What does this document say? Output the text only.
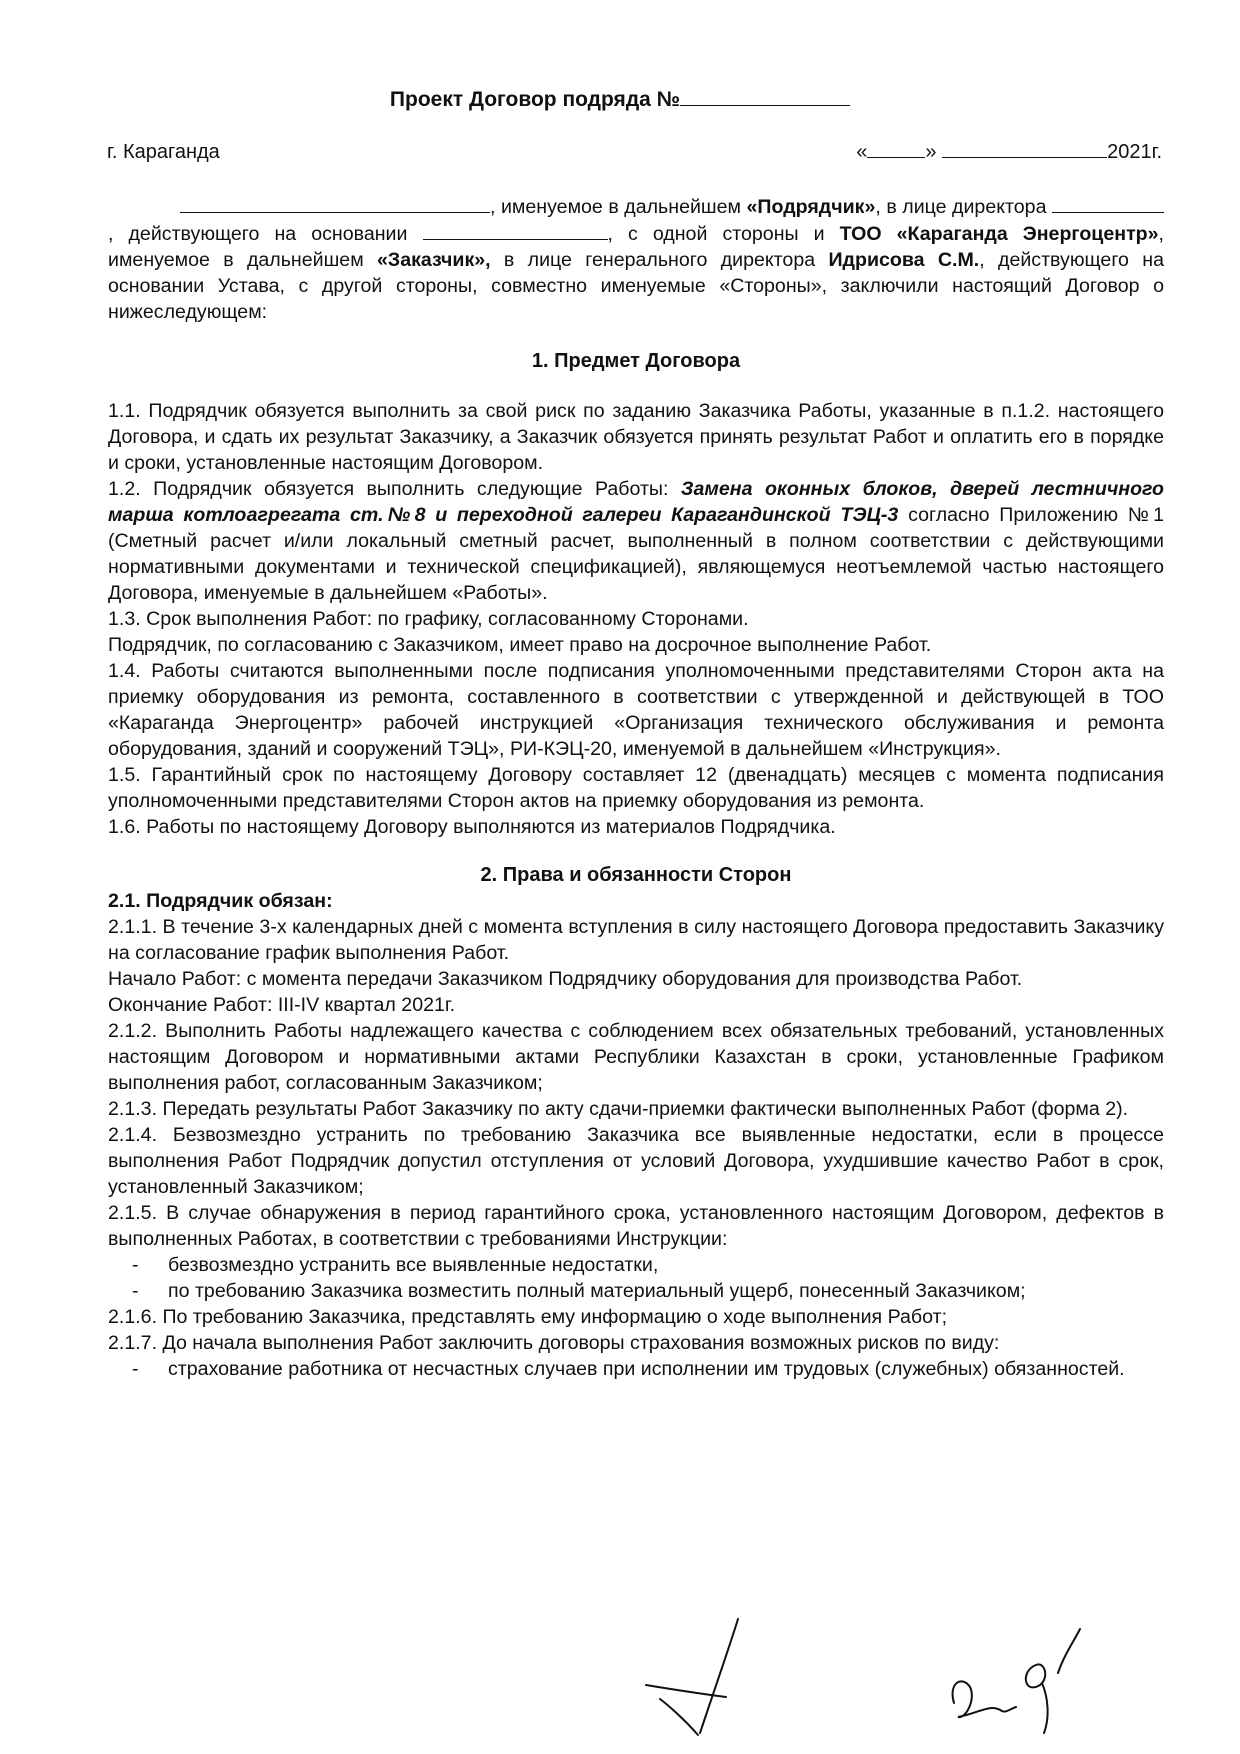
Проект Договор подряда №
г. Караганда	«	»	2021г.

, именуемое в дальнейшем «Подрядчик», в лице директора , действующего на основании	, с одной стороны и ТОО «Караганда Энергоцентр», именуемое в дальнейшем «Заказчик», в лице генерального директора Идрисова С.М., действующего на основании Устава, с другой стороны, совместно именуемые «Стороны», заключили настоящий Договор о нижеследующем:

1. Предмет Договора

1.1. Подрядчик обязуется выполнить за свой риск по заданию Заказчика Работы, указанные в п.1.2. настоящего Договора, и сдать их результат Заказчику, а Заказчик обязуется принять результат Работ и оплатить его в порядке и сроки, установленные настоящим Договором.

1.2. Подрядчик обязуется выполнить следующие Работы: Замена оконных блоков, дверей лестничного марша котлоагрегата ст.№8 и переходной галереи Карагандинской ТЭЦ-3 согласно Приложению №1 (Сметный расчет и/или локальный сметный расчет, выполненный в полном соответствии с действующими нормативными документами и технической спецификацией), являющемуся неотъемлемой частью настоящего Договора, именуемые в дальнейшем «Работы».

1.3. Срок выполнения Работ: по графику, согласованному Сторонами.

Подрядчик, по согласованию с Заказчиком, имеет право на досрочное выполнение Работ.

1.4. Работы считаются выполненными после подписания уполномоченными представителями Сторон акта на приемку оборудования из ремонта, составленного в соответствии с утвержденной и действующей в ТОО «Караганда Энергоцентр» рабочей инструкцией «Организация технического обслуживания и ремонта оборудования, зданий и сооружений ТЭЦ», РИ-КЭЦ-20, именуемой в дальнейшем «Инструкция».

1.5. Гарантийный срок по настоящему Договору составляет 12 (двенадцать) месяцев с момента подписания уполномоченными представителями Сторон актов на приемку оборудования из ремонта.

1.6. Работы по настоящему Договору выполняются из материалов Подрядчика.

2. Права и обязанности Сторон

2.1. Подрядчик обязан:

2.1.1. В течение 3-х календарных дней с момента вступления в силу настоящего Договора предоставить Заказчику на согласование график выполнения Работ.

Начало Работ: с момента передачи Заказчиком Подрядчику оборудования для производства Работ.

Окончание Работ: III-IV квартал 2021г.

2.1.2. Выполнить Работы надлежащего качества с соблюдением всех обязательных требований, установленных настоящим Договором и нормативными актами Республики Казахстан в сроки, установленные Графиком выполнения работ, согласованным Заказчиком;

2.1.3. Передать результаты Работ Заказчику по акту сдачи-приемки фактически выполненных Работ (форма 2).

2.1.4. Безвозмездно устранить по требованию Заказчика все выявленные недостатки, если в процессе выполнения Работ Подрядчик допустил отступления от условий Договора, ухудшившие качество Работ в срок, установленный Заказчиком;

2.1.5. В случае обнаружения в период гарантийного срока, установленного настоящим Договором, дефектов в выполненных Работах, в соответствии с требованиями Инструкции:

- безвозмездно устранить все выявленные недостатки,
- по требованию Заказчика возместить полный материальный ущерб, понесенный Заказчиком;

2.1.6. По требованию Заказчика, представлять ему информацию о ходе выполнения Работ;

2.1.7. До начала выполнения Работ заключить договоры страхования возможных рисков по виду:

- страхование работника от несчастных случаев при исполнении им трудовых (служебных) обязанностей.
